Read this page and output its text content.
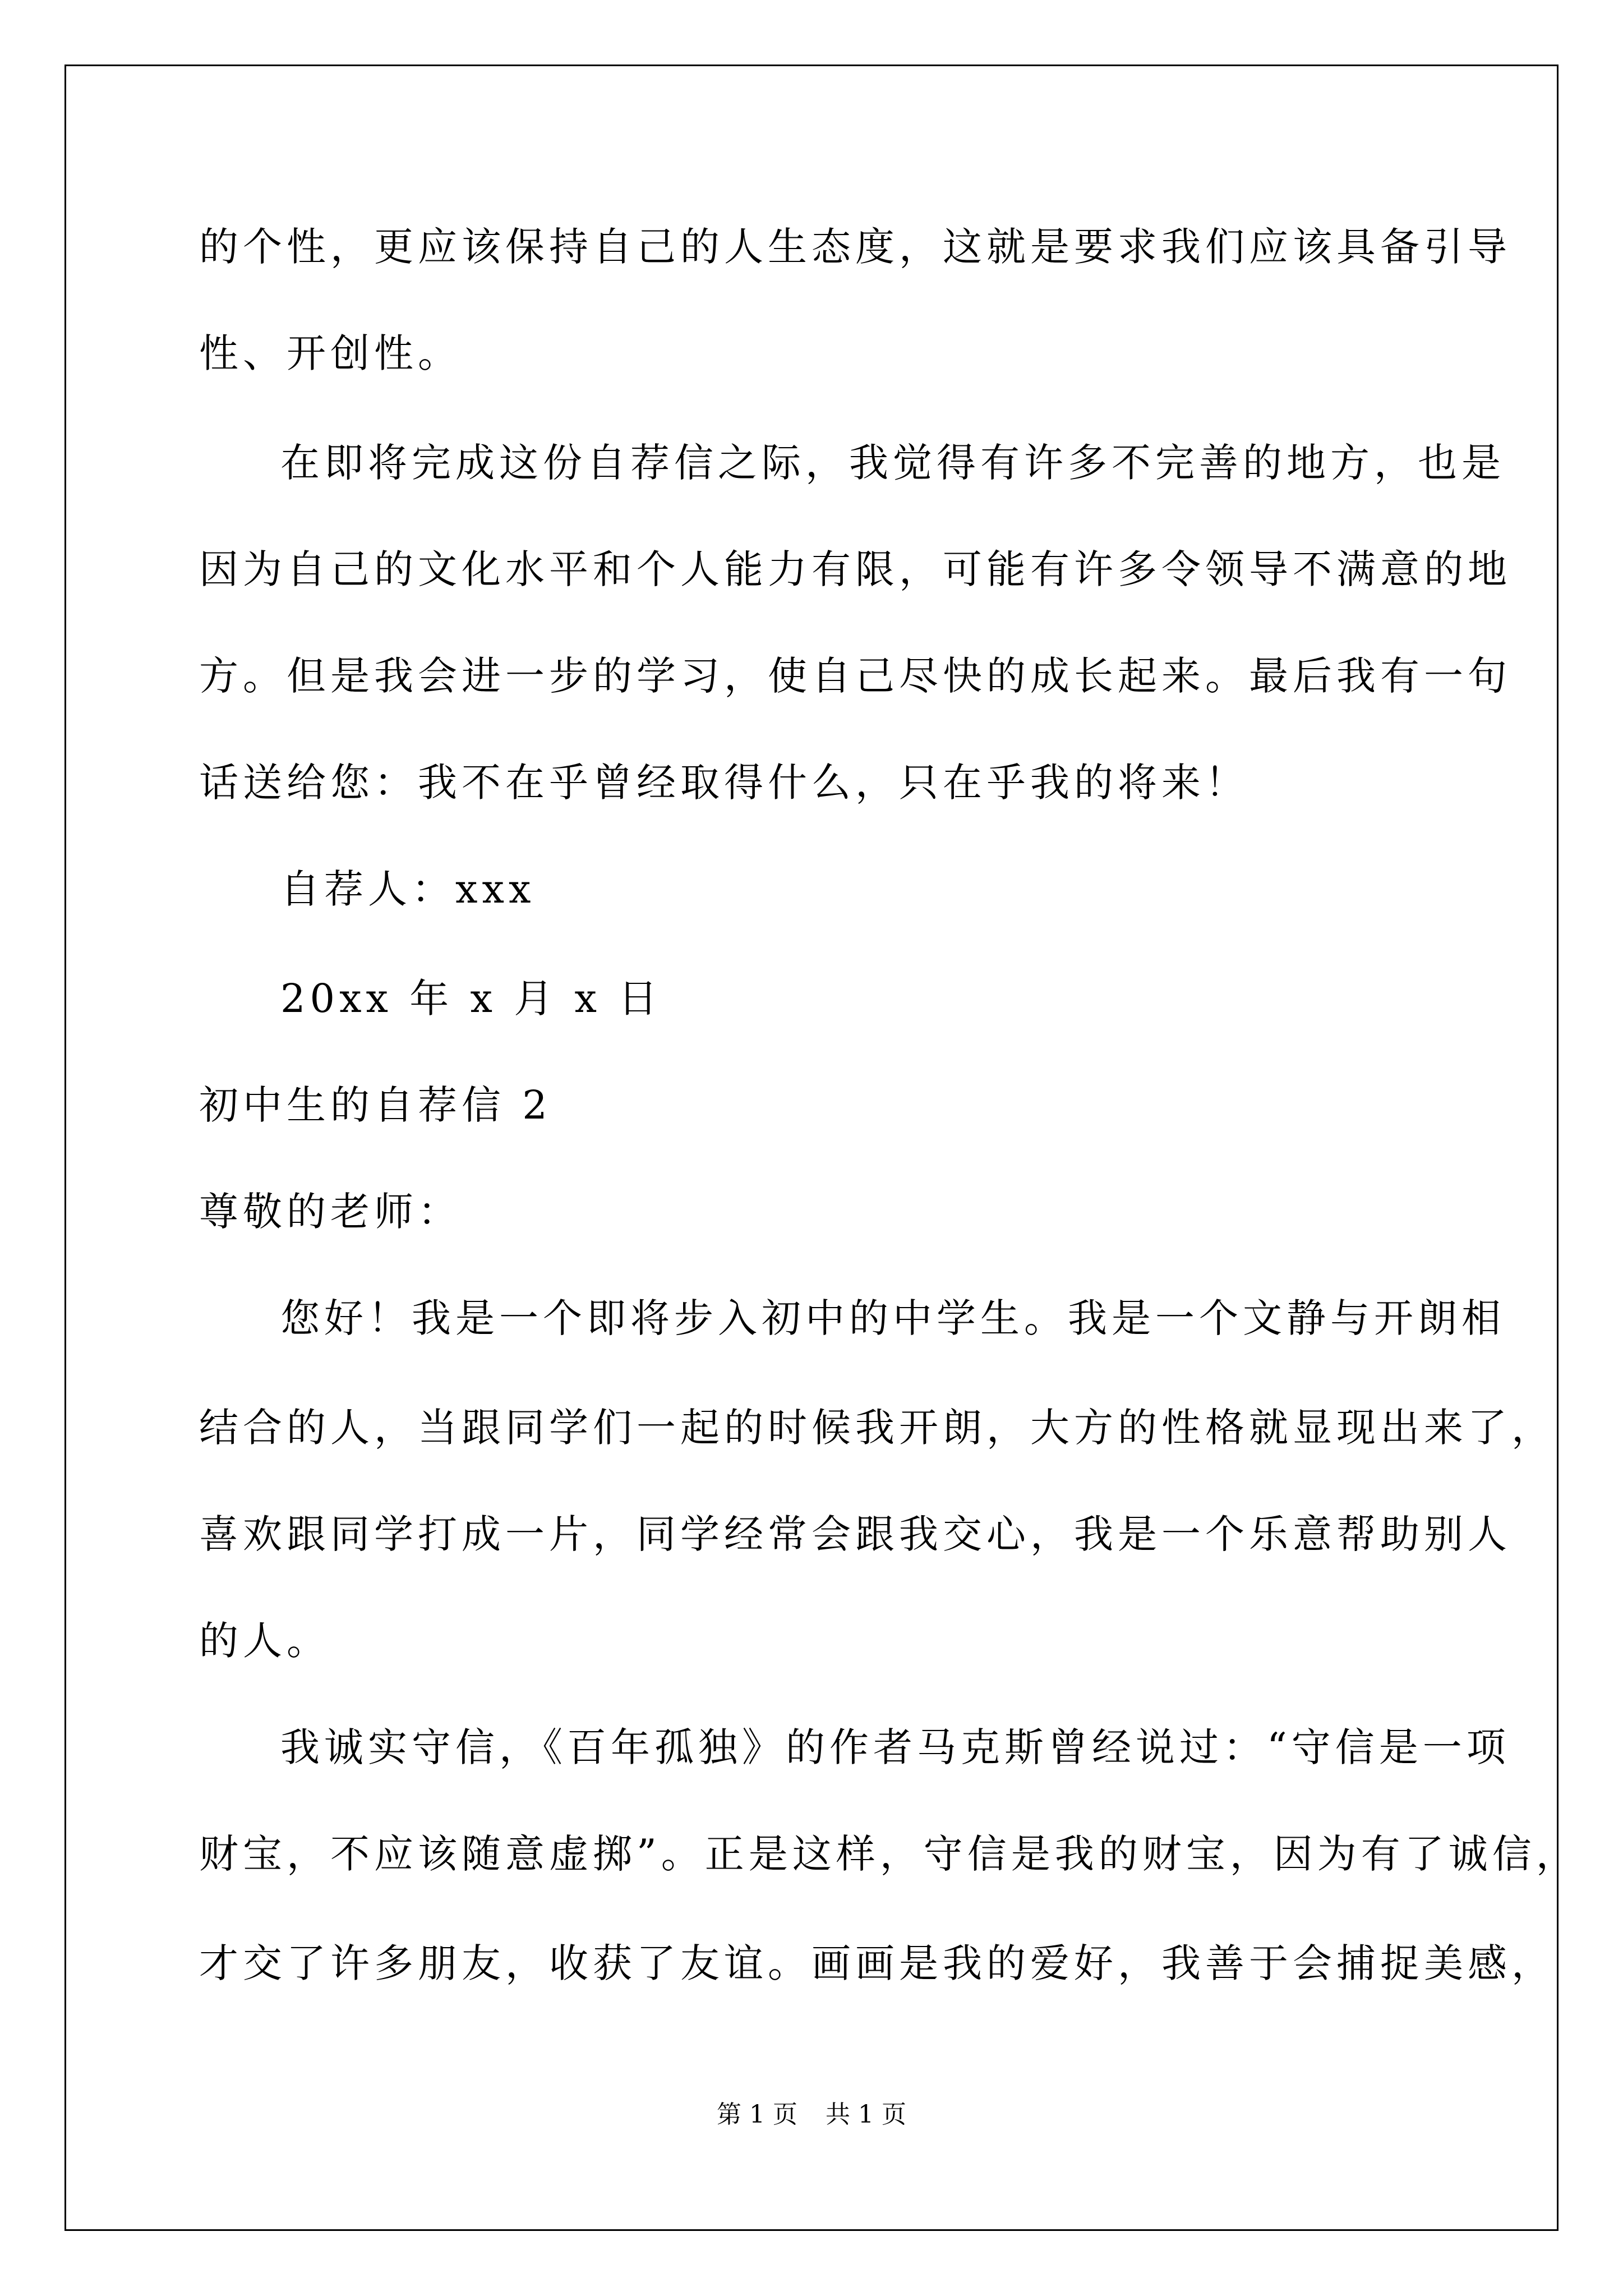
的个性，更应该保持自己的人生态度，这就是要求我们应该具备引导
性、开创性。
在即将完成这份自荐信之际，我觉得有许多不完善的地方，也是
因为自己的文化水平和个人能力有限，可能有许多令领导不满意的地
方。但是我会进一步的学习，使自己尽快的成长起来。最后我有一句
话送给您：我不在乎曾经取得什么，只在乎我的将来！
自荐人：xxx
20xx 年 x 月 x 日
初中生的自荐信 2
尊敬的老师：
您好！我是一个即将步入初中的中学生。我是一个文静与开朗相
结合的人，当跟同学们一起的时候我开朗，大方的性格就显现出来了，
喜欢跟同学打成一片，同学经常会跟我交心，我是一个乐意帮助别人
的人。
我诚实守信，《百年孤独》的作者马克斯曾经说过：“守信是一项
财宝，不应该随意虚掷”。正是这样，守信是我的财宝，因为有了诚信，
才交了许多朋友，收获了友谊。画画是我的爱好，我善于会捕捉美感，
第 1 页 共 1 页
